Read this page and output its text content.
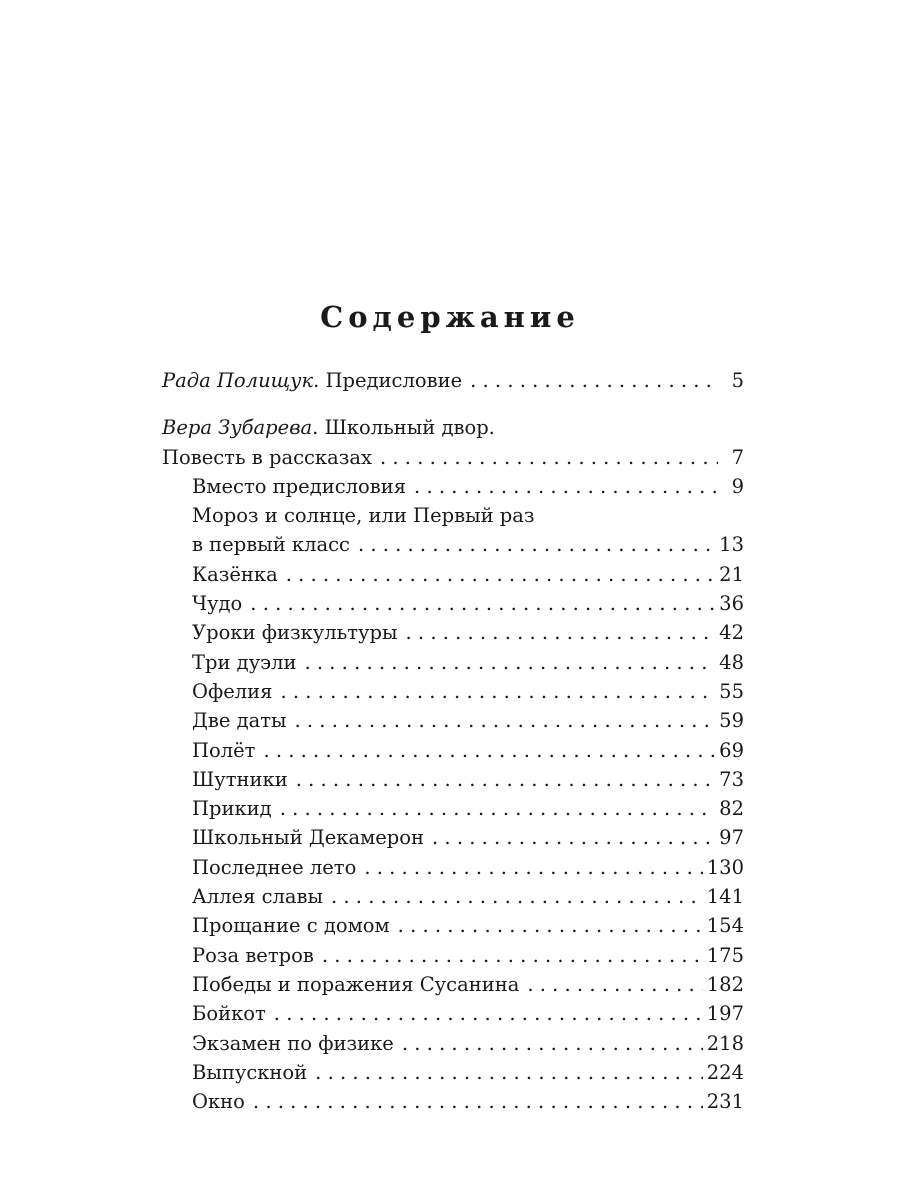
Содержание
Рада Полищук. Предисловие . . .	5
Вера Зубарева. Школьный двор.
Повесть в рассказах . . .	7
Вместо предисловия . . .	9
Мороз и солнце, или Первый раз
в первый класс . . .	13
Казёнка . . .	21
Чудо . . .	36
Уроки физкультуры . . .	42
Три дуэли . . .	48
Офелия . . .	55
Две даты . . .	59
Полёт . . .	69
Шутники . . .	73
Прикид . . .	82
Школьный Декамерон . . .	97
Последнее лето . . .	130
Аллея славы . . .	141
Прощание с домом . . .	154
Роза ветров . . .	175
Победы и поражения Сусанина . . .	182
Бойкот . . .	197
Экзамен по физике . . .	218
Выпускной . . .	224
Окно . . .	231
